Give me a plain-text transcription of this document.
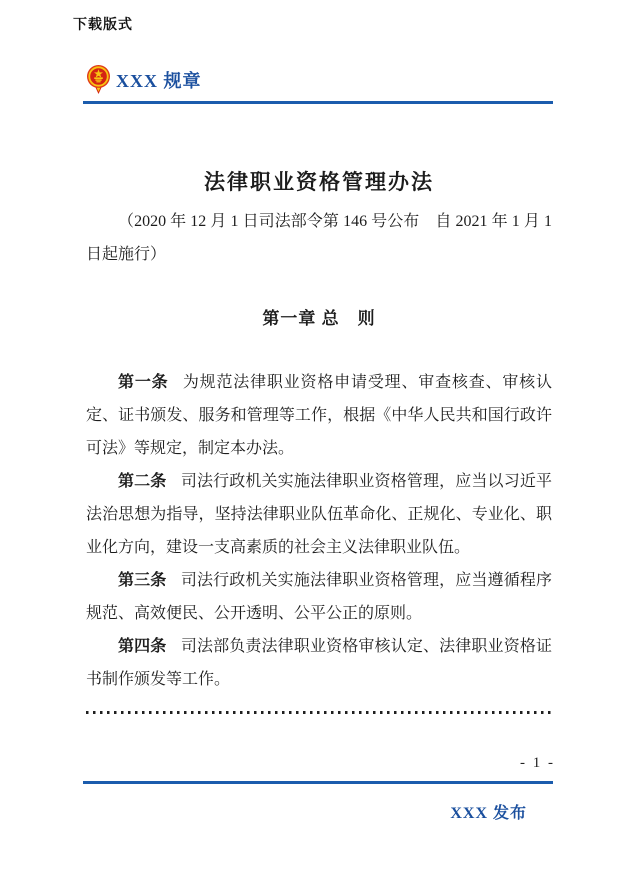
下载版式
XXX 规章
法律职业资格管理办法
（2020 年 12 月 1 日司法部令第 146 号公布　自 2021 年 1 月 1 日起施行）
第一章 总　则

第一条 为规范法律职业资格申请受理、审查核查、审核认定、证书颁发、服务和管理等工作，根据《中华人民共和国行政许可法》等规定，制定本办法。

第二条 司法行政机关实施法律职业资格管理，应当以习近平法治思想为指导，坚持法律职业队伍革命化、正规化、专业化、职业化方向，建设一支高素质的社会主义法律职业队伍。

第三条 司法行政机关实施法律职业资格管理，应当遵循程序规范、高效便民、公开透明、公平公正的原则。

第四条 司法部负责法律职业资格审核认定、法律职业资格证书制作颁发等工作。

- 1 -
XXX 发布
